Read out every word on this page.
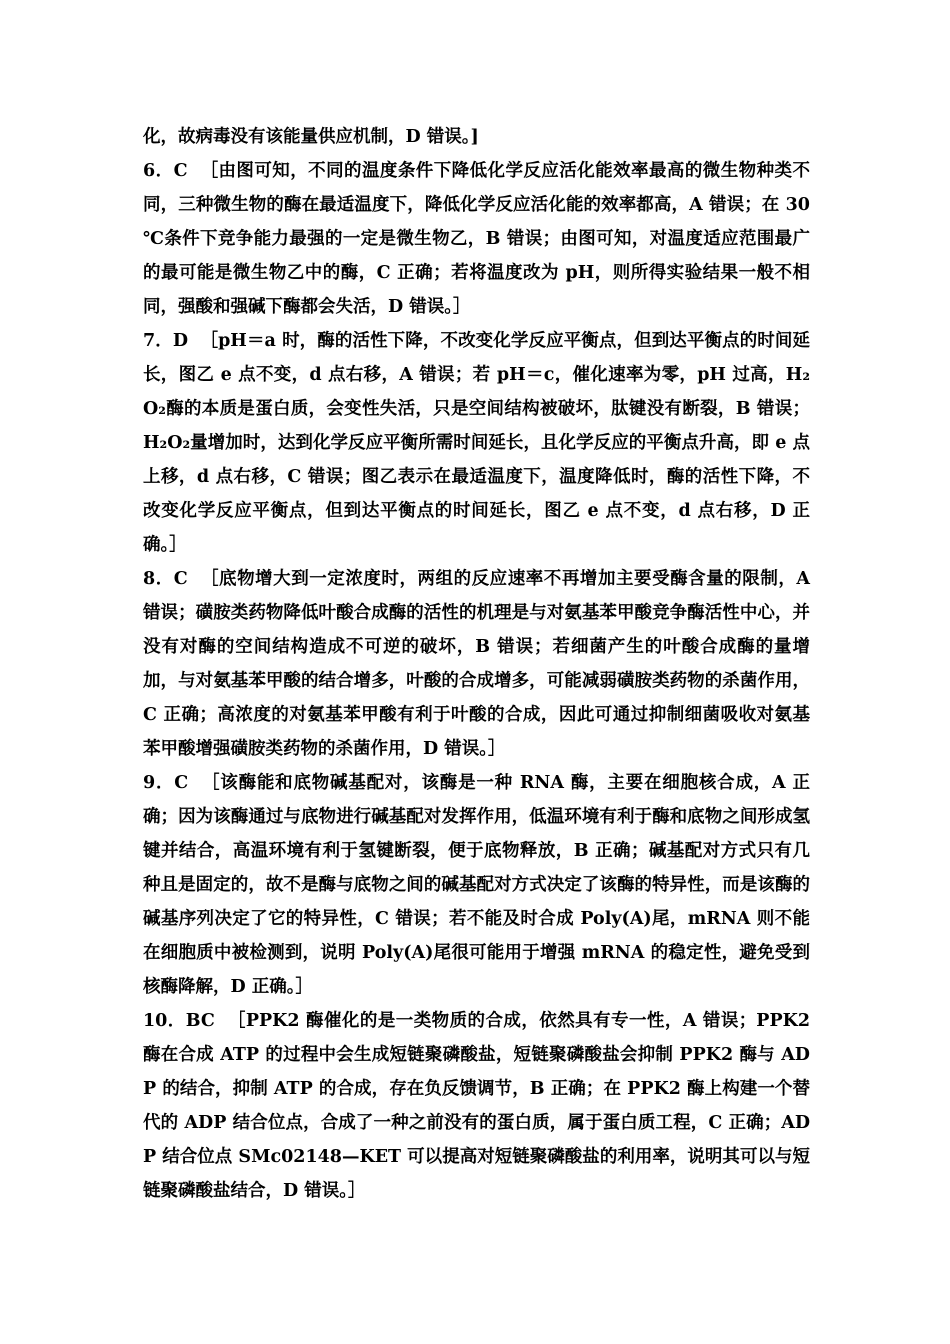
化，故病毒没有该能量供应机制，D 错误。]

6．C ［由图可知，不同的温度条件下降低化学反应活化能效率最高的微生物种类不同，三种微生物的酶在最适温度下，降低化学反应活化能的效率都高，A 错误；在 30 ℃条件下竞争能力最强的一定是微生物乙，B 错误；由图可知，对温度适应范围最广的最可能是微生物乙中的酶，C 正确；若将温度改为 pH，则所得实验结果一般不相同，强酸和强碱下酶都会失活，D 错误。］

7．D ［pH＝a 时，酶的活性下降，不改变化学反应平衡点，但到达平衡点的时间延长，图乙 e 点不变，d 点右移，A 错误；若 pH＝c，催化速率为零，pH 过高，H₂O₂酶的本质是蛋白质，会变性失活，只是空间结构被破坏，肽键没有断裂，B 错误；H₂O₂量增加时，达到化学反应平衡所需时间延长，且化学反应的平衡点升高，即 e 点上移，d 点右移，C 错误；图乙表示在最适温度下，温度降低时，酶的活性下降，不改变化学反应平衡点，但到达平衡点的时间延长，图乙 e 点不变，d 点右移，D 正确。］

8．C ［底物增大到一定浓度时，两组的反应速率不再增加主要受酶含量的限制，A 错误；磺胺类药物降低叶酸合成酶的活性的机理是与对氨基苯甲酸竞争酶活性中心，并没有对酶的空间结构造成不可逆的破坏，B 错误；若细菌产生的叶酸合成酶的量增加，与对氨基苯甲酸的结合增多，叶酸的合成增多，可能减弱磺胺类药物的杀菌作用，C 正确；高浓度的对氨基苯甲酸有利于叶酸的合成，因此可通过抑制细菌吸收对氨基苯甲酸增强磺胺类药物的杀菌作用，D 错误。］

9．C ［该酶能和底物碱基配对，该酶是一种 RNA 酶，主要在细胞核合成，A 正确；因为该酶通过与底物进行碱基配对发挥作用，低温环境有利于酶和底物之间形成氢键并结合，高温环境有利于氢键断裂，便于底物释放，B 正确；碱基配对方式只有几种且是固定的，故不是酶与底物之间的碱基配对方式决定了该酶的特异性，而是该酶的碱基序列决定了它的特异性，C 错误；若不能及时合成 Poly(A)尾，mRNA 则不能在细胞质中被检测到，说明 Poly(A)尾很可能用于增强 mRNA 的稳定性，避免受到核酶降解，D 正确。］

10．BC ［PPK2 酶催化的是一类物质的合成，依然具有专一性，A 错误；PPK2 酶在合成 ATP 的过程中会生成短链聚磷酸盐，短链聚磷酸盐会抑制 PPK2 酶与 ADP 的结合，抑制 ATP 的合成，存在负反馈调节，B 正确；在 PPK2 酶上构建一个替代的 ADP 结合位点，合成了一种之前没有的蛋白质，属于蛋白质工程，C 正确；ADP 结合位点 SMc02148—KET 可以提高对短链聚磷酸盐的利用率，说明其可以与短链聚磷酸盐结合，D 错误。］
